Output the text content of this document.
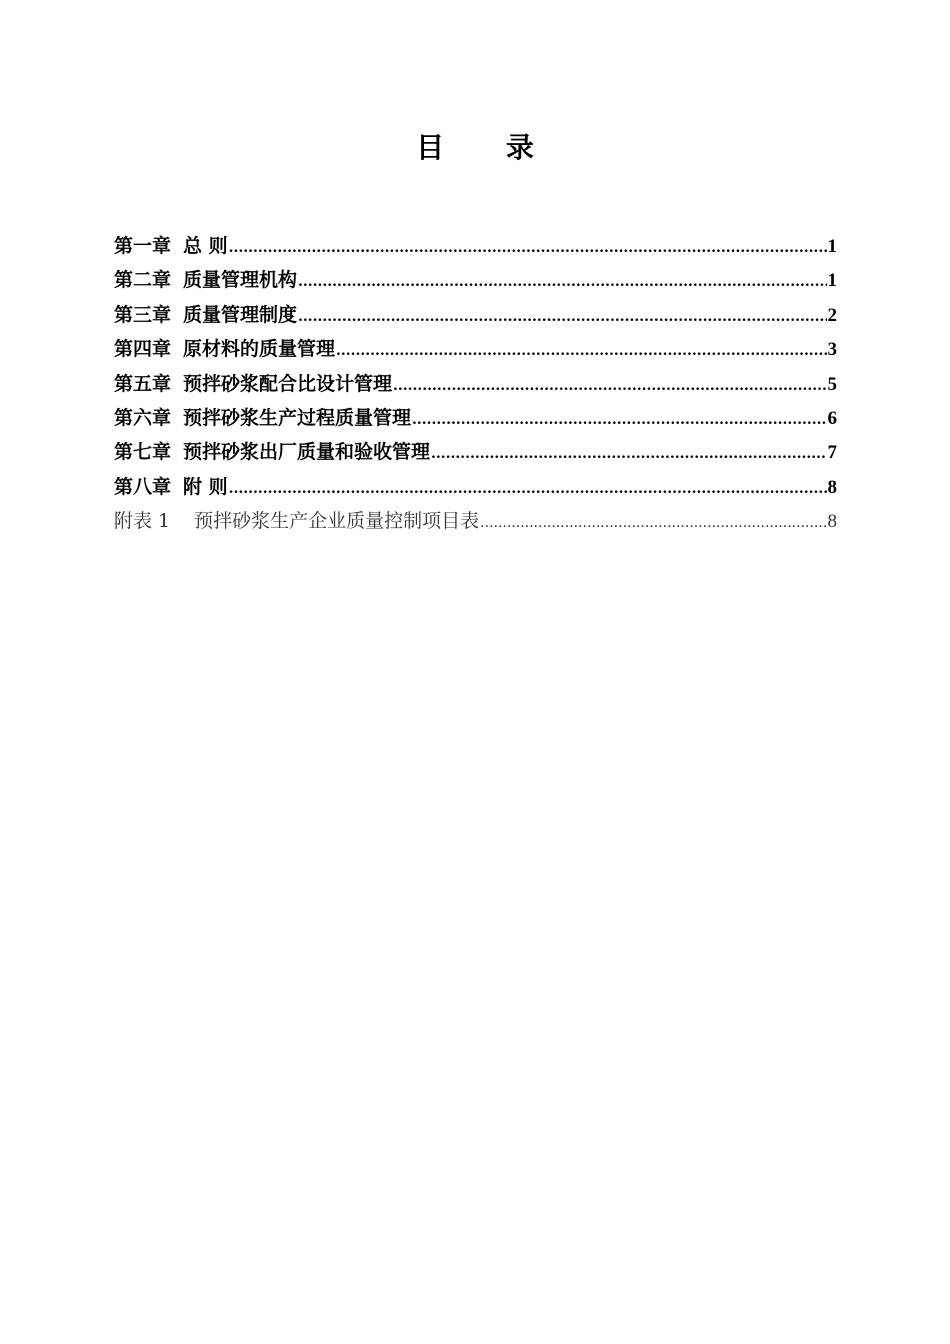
目 录
第一章 总 则 .....	1
第二章 质量管理机构 .....	1
第三章 质量管理制度 .....	2
第四章 原材料的质量管理 .....	3
第五章 预拌砂浆配合比设计管理 .....	5
第六章 预拌砂浆生产过程质量管理 .....	6
第七章 预拌砂浆出厂质量和验收管理 .....	7
第八章 附 则 .....	8
附表 1 预拌砂浆生产企业质量控制项目表 .....	8
